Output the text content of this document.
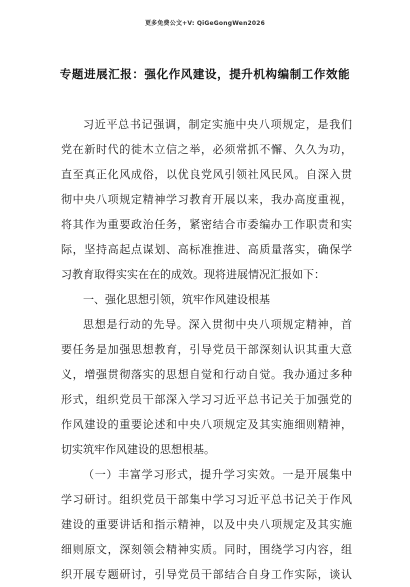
更多免费公文+V: QiGeGongWen2026
专题进展汇报：强化作风建设，提升机构编制工作效能
习近平总书记强调，制定实施中央八项规定，是我们
党在新时代的徙木立信之举，必须常抓不懈、久久为功，
直至真正化风成俗，以优良党风引领社风民风。自深入贯
彻中央八项规定精神学习教育开展以来，我办高度重视，
将其作为重要政治任务，紧密结合市委编办工作职责和实
际，坚持高起点谋划、高标准推进、高质量落实，确保学
习教育取得实实在在的成效。现将进展情况汇报如下：
一、强化思想引领，筑牢作风建设根基
思想是行动的先导。深入贯彻中央八项规定精神，首
要任务是加强思想教育，引导党员干部深刻认识其重大意
义，增强贯彻落实的思想自觉和行动自觉。我办通过多种
形式，组织党员干部深入学习习近平总书记关于加强党的
作风建设的重要论述和中央八项规定及其实施细则精神，
切实筑牢作风建设的思想根基。
（一）丰富学习形式，提升学习实效。一是开展集中
学习研讨。组织党员干部集中学习习近平总书记关于作风
建设的重要讲话和指示精神，以及中央八项规定及其实施
细则原文，深刻领会精神实质。同时，围绕学习内容，组
织开展专题研讨，引导党员干部结合自身工作实际，谈认
